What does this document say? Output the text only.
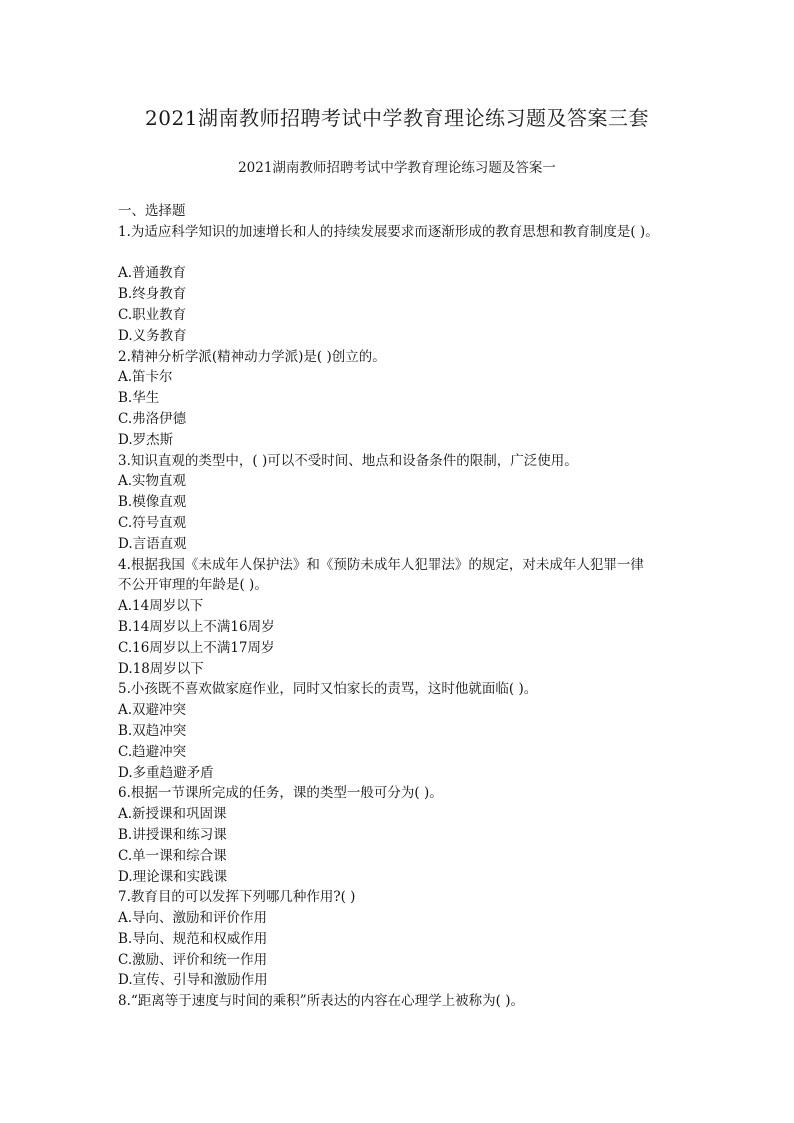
2021湖南教师招聘考试中学教育理论练习题及答案三套
2021湖南教师招聘考试中学教育理论练习题及答案一
一、选择题
1.为适应科学知识的加速增长和人的持续发展要求而逐渐形成的教育思想和教育制度是( )。
A.普通教育
B.终身教育
C.职业教育
D.义务教育
2.精神分析学派(精神动力学派)是( )创立的。
A.笛卡尔
B.华生
C.弗洛伊德
D.罗杰斯
3.知识直观的类型中，( )可以不受时间、地点和设备条件的限制，广泛使用。
A.实物直观
B.模像直观
C.符号直观
D.言语直观
4.根据我国《未成年人保护法》和《预防未成年人犯罪法》的规定，对未成年人犯罪一律
不公开审理的年龄是( )。
A.14周岁以下
B.14周岁以上不满16周岁
C.16周岁以上不满17周岁
D.18周岁以下
5.小孩既不喜欢做家庭作业，同时又怕家长的责骂，这时他就面临( )。
A.双避冲突
B.双趋冲突
C.趋避冲突
D.多重趋避矛盾
6.根据一节课所完成的任务，课的类型一般可分为( )。
A.新授课和巩固课
B.讲授课和练习课
C.单一课和综合课
D.理论课和实践课
7.教育目的可以发挥下列哪几种作用?( )
A.导向、激励和评价作用
B.导向、规范和权威作用
C.激励、评价和统一作用
D.宣传、引导和激励作用
8.“距离等于速度与时间的乘积”所表达的内容在心理学上被称为( )。
